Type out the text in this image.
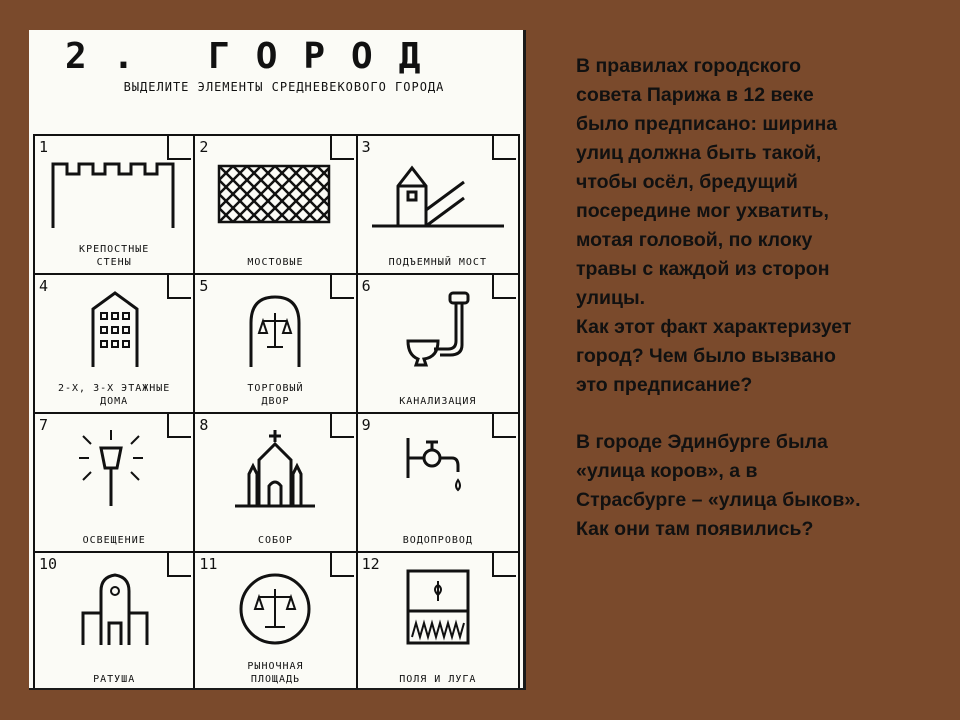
2. ГОРОД
ВЫДЕЛИТЕ ЭЛЕМЕНТЫ СРЕДНЕВЕКОВОГО ГОРОДА
1
КРЕПОСТНЫЕ
СТЕНЫ
2
МОСТОВЫЕ
3
ПОДЪЕМНЫЙ МОСТ
4
2-Х, 3-Х ЭТАЖНЫЕ
ДОМА
5
ТОРГОВЫЙ
ДВОР
6
КАНАЛИЗАЦИЯ
7
ОСВЕЩЕНИЕ
8
СОБОР
9
ВОДОПРОВОД
10
РАТУША
11
РЫНОЧНАЯ
ПЛОЩАДЬ
12
ПОЛЯ И ЛУГА

В правилах городского
совета Парижа в 12 веке
было предписано: ширина
улиц должна быть такой,
чтобы осёл, бредущий
посередине мог ухватить,
мотая головой, по клоку
травы с каждой из сторон
улицы.
Как этот факт характеризует
город? Чем было вызвано
это предписание?

В городе Эдинбурге была
«улица коров», а в
Страсбурге – «улица быков».
Как они там появились?
